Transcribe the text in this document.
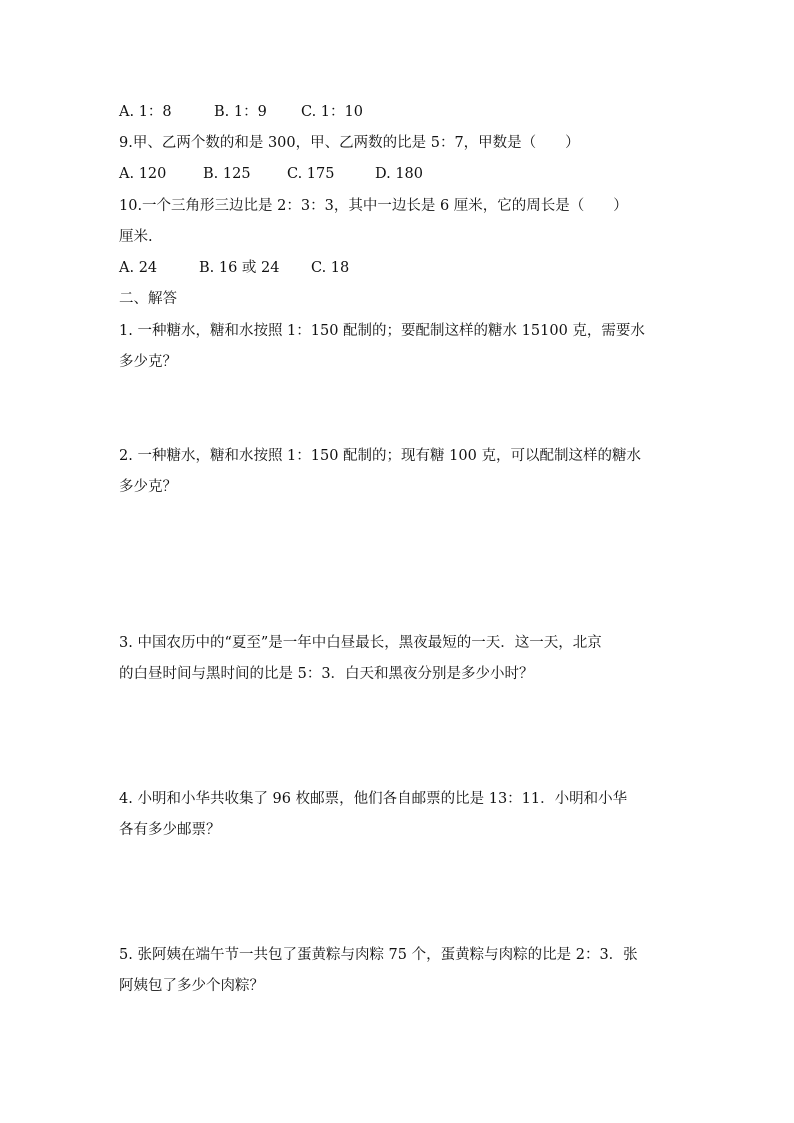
A. 1：8	B. 1：9 C. 1：10
9.甲、乙两个数的和是 300，甲、乙两数的比是 5：7，甲数是（　　）
A. 120	B. 125	C. 175	D. 180
10.一个三角形三边比是 2：3：3，其中一边长是 6 厘米，它的周长是（　　）
厘米.
A. 24	B. 16 或 24 C. 18
二、解答
1. 一种糖水，糖和水按照 1：150 配制的；要配制这样的糖水 15100 克，需要水
多少克？
2. 一种糖水，糖和水按照 1：150 配制的；现有糖 100 克，可以配制这样的糖水
多少克？
3. 中国农历中的“夏至”是一年中白昼最长，黑夜最短的一天．这一天，北京
的白昼时间与黑时间的比是 5：3．白天和黑夜分别是多少小时？
4. 小明和小华共收集了 96 枚邮票，他们各自邮票的比是 13：11．小明和小华
各有多少邮票？
5. 张阿姨在端午节一共包了蛋黄粽与肉粽 75 个，蛋黄粽与肉粽的比是 2：3．张
阿姨包了多少个肉粽？
